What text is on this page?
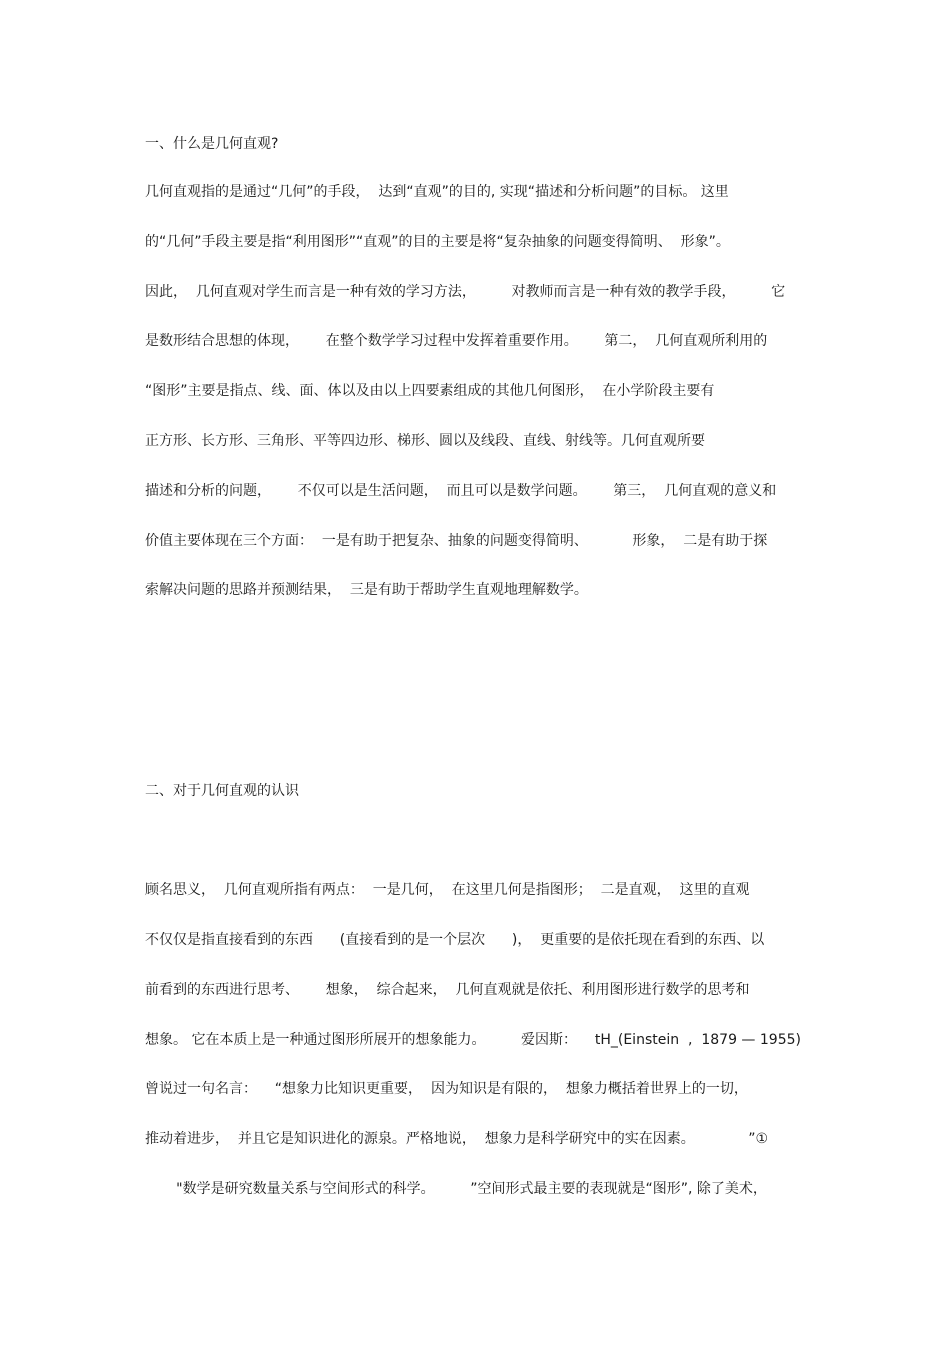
一、什么是几何直观?
几何直观指的是通过“几何”的手段，  达到“直观”的目的, 实现“描述和分析问题”的目标。 这里
的“几何”手段主要是指“利用图形”“直观”的目的主要是将“复杂抽象的问题变得简明、  形象”。
因此，  几何直观对学生而言是一种有效的学习方法，        对教师而言是一种有效的教学手段，        它
是数形结合思想的体现，      在整个数学学习过程中发挥着重要作用。      第二，  几何直观所利用的
“图形”主要是指点、线、面、体以及由以上四要素组成的其他几何图形，  在小学阶段主要有
正方形、长方形、三角形、平等四边形、梯形、圆以及线段、直线、射线等。几何直观所要
描述和分析的问题，      不仅可以是生活问题，  而且可以是数学问题。      第三，  几何直观的意义和
价值主要体现在三个方面：  一是有助于把复杂、抽象的问题变得简明、          形象，  二是有助于探
索解决问题的思路并预测结果，  三是有助于帮助学生直观地理解数学。
二、对于几何直观的认识
顾名思义，  几何直观所指有两点：  一是几何，  在这里几何是指图形；  二是直观，  这里的直观
不仅仅是指直接看到的东西      (直接看到的是一个层次      )，  更重要的是依托现在看到的东西、以
前看到的东西进行思考、      想象，  综合起来，  几何直观就是依托、利用图形进行数学的思考和
想象。 它在本质上是一种通过图形所展开的想象能力。        爱因斯：    tH_(Einstein  ,  1879 — 1955)
曾说过一句名言：    “想象力比知识更重要，  因为知识是有限的，  想象力概括着世界上的一切，
推动着进步，  并且它是知识进化的源泉。严格地说，  想象力是科学研究中的实在因素。            ”①
"数学是研究数量关系与空间形式的科学。        ”空间形式最主要的表现就是“图形”, 除了美术，
